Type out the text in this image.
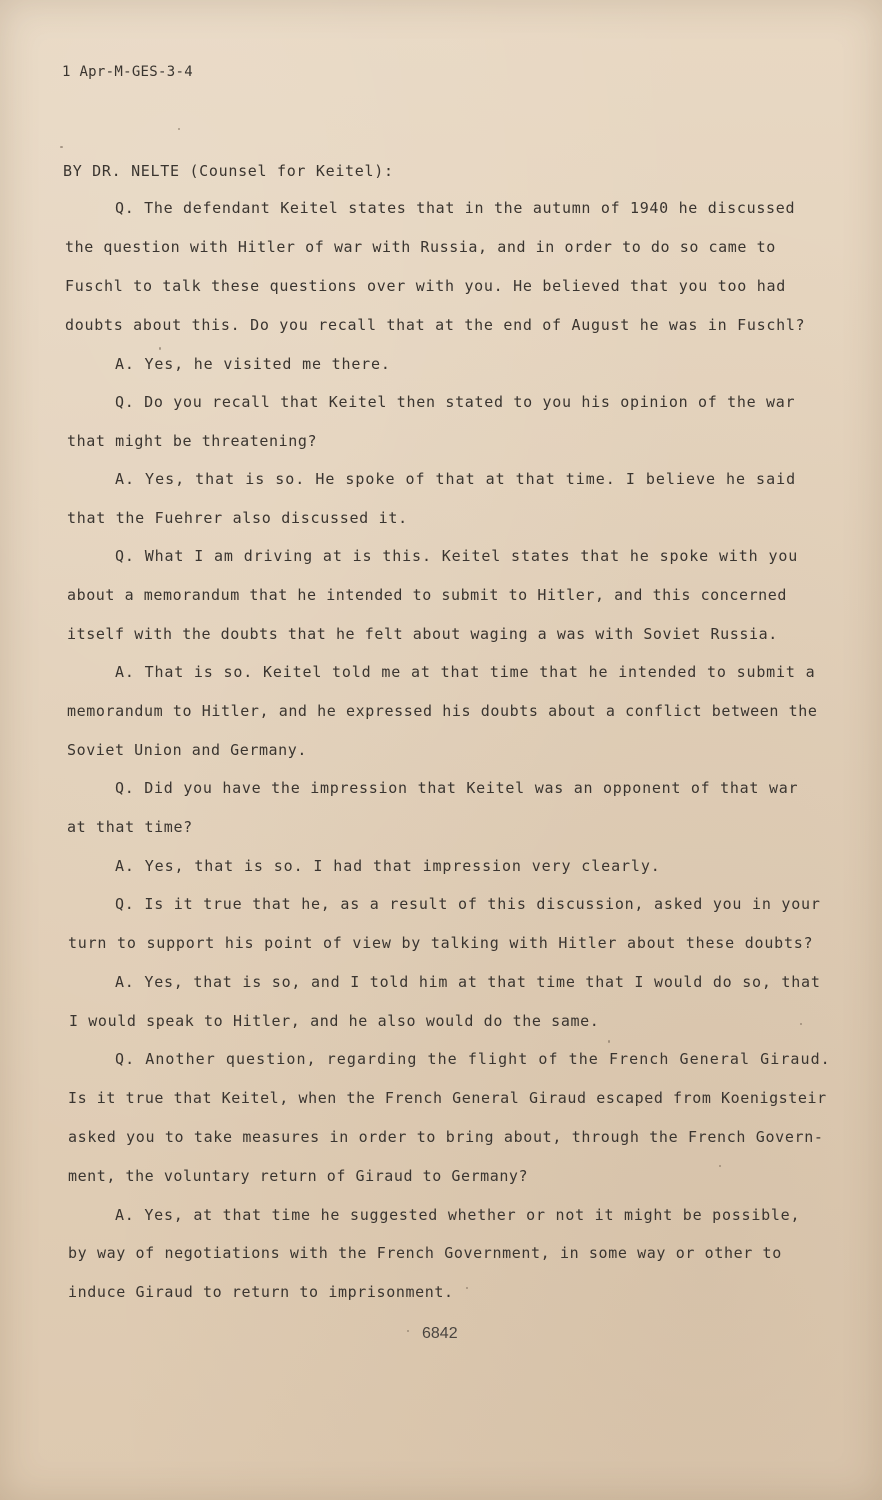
1 Apr-M-GES-3-4
BY DR. NELTE (Counsel for Keitel):
Q. The defendant Keitel states that in the autumn of 1940 he discussed
the question with Hitler of war with Russia, and in order to do so came to
Fuschl to talk these questions over with you. He believed that you too had
doubts about this. Do you recall that at the end of August he was in Fuschl?
A. Yes, he visited me there.
Q. Do you recall that Keitel then stated to you his opinion of the war
that might be threatening?
A. Yes, that is so. He spoke of that at that time. I believe he said
that the Fuehrer also discussed it.
Q. What I am driving at is this. Keitel states that he spoke with you
about a memorandum that he intended to submit to Hitler, and this concerned
itself with the doubts that he felt about waging a was with Soviet Russia.
A. That is so. Keitel told me at that time that he intended to submit a
memorandum to Hitler, and he expressed his doubts about a conflict between the
Soviet Union and Germany.
Q. Did you have the impression that Keitel was an opponent of that war
at that time?
A. Yes, that is so. I had that impression very clearly.
Q. Is it true that he, as a result of this discussion, asked you in your
turn to support his point of view by talking with Hitler about these doubts?
A. Yes, that is so, and I told him at that time that I would do so, that
I would speak to Hitler, and he also would do the same.
Q. Another question, regarding the flight of the French General Giraud.
Is it true that Keitel, when the French General Giraud escaped from Koenigsteir
asked you to take measures in order to bring about, through the French Govern-
ment, the voluntary return of Giraud to Germany?
A. Yes, at that time he suggested whether or not it might be possible,
by way of negotiations with the French Government, in some way or other to
induce Giraud to return to imprisonment.
6842
